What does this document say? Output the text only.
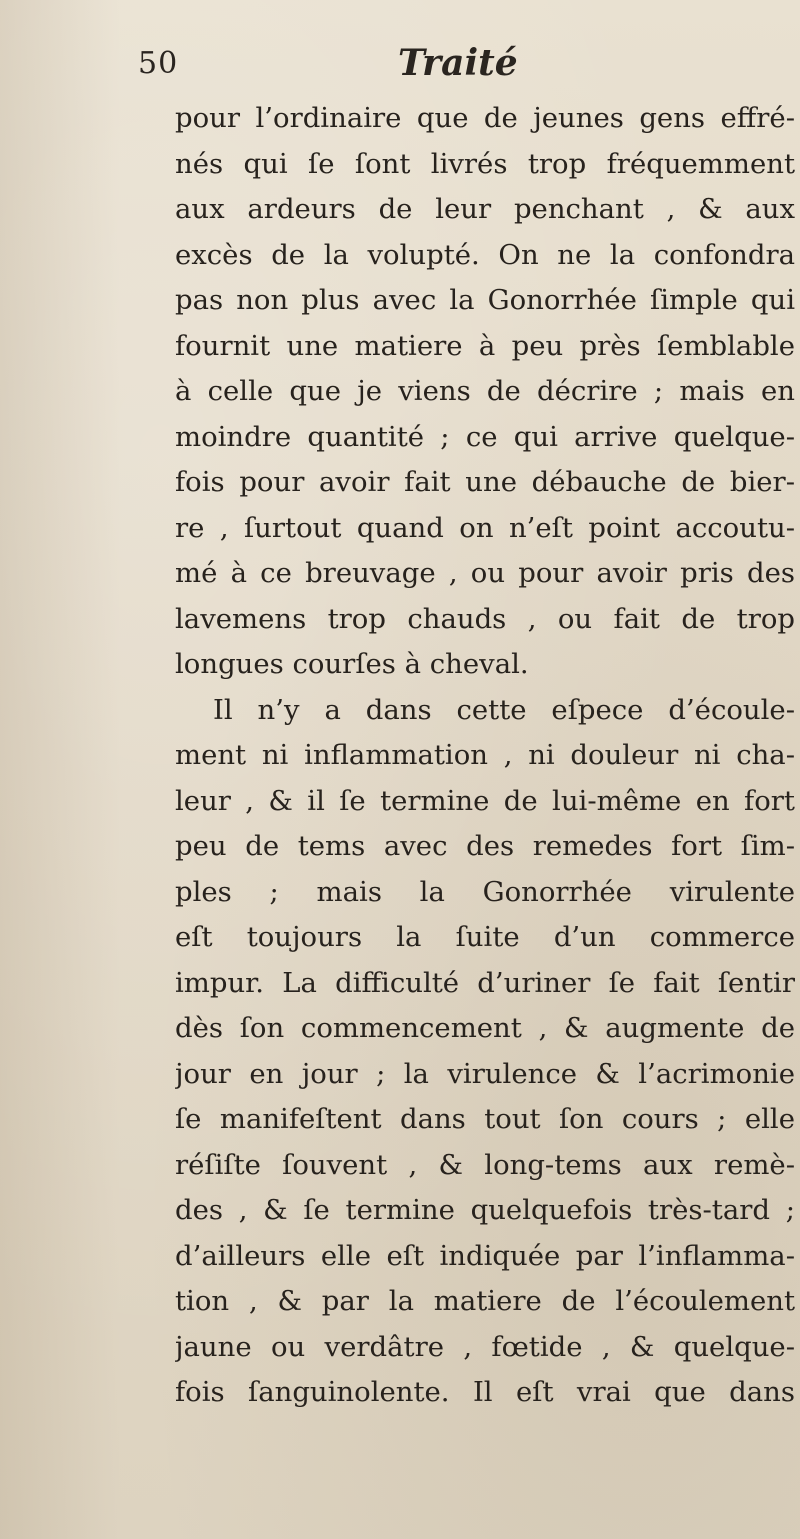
50	Traité
pour l’ordinaire que de jeunes gens effré-
nés qui ſe ſont livrés trop fréquemment
aux ardeurs de leur penchant , & aux
excès de la volupté. On ne la confondra
pas non plus avec la Gonorrhée ſimple qui
fournit une matiere à peu près ſemblable
à celle que je viens de décrire ; mais en
moindre quantité ; ce qui arrive quelque-
fois pour avoir fait une débauche de bier-
re , ſurtout quand on n’eſt point accoutu-
mé à ce breuvage , ou pour avoir pris des
lavemens trop chauds , ou fait de trop
longues courſes à cheval.
Il n’y a dans cette eſpece d’écoule-
ment ni inflammation , ni douleur ni cha-
leur , & il ſe termine de lui-même en fort
peu de tems avec des remedes fort ſim-
ples ; mais la Gonorrhée virulente
eſt toujours la ſuite d’un commerce
impur. La difficulté d’uriner ſe fait ſentir
dès ſon commencement , & augmente de
jour en jour ; la virulence & l’acrimonie
ſe manifeſtent dans tout ſon cours ; elle
réſiſte ſouvent , & long-tems aux remè-
des , & ſe termine quelquefois très-tard ;
d’ailleurs elle eſt indiquée par l’inflamma-
tion , & par la matiere de l’écoulement
jaune ou verdâtre , fœtide , & quelque-
fois ſanguinolente. Il eſt vrai que dans
